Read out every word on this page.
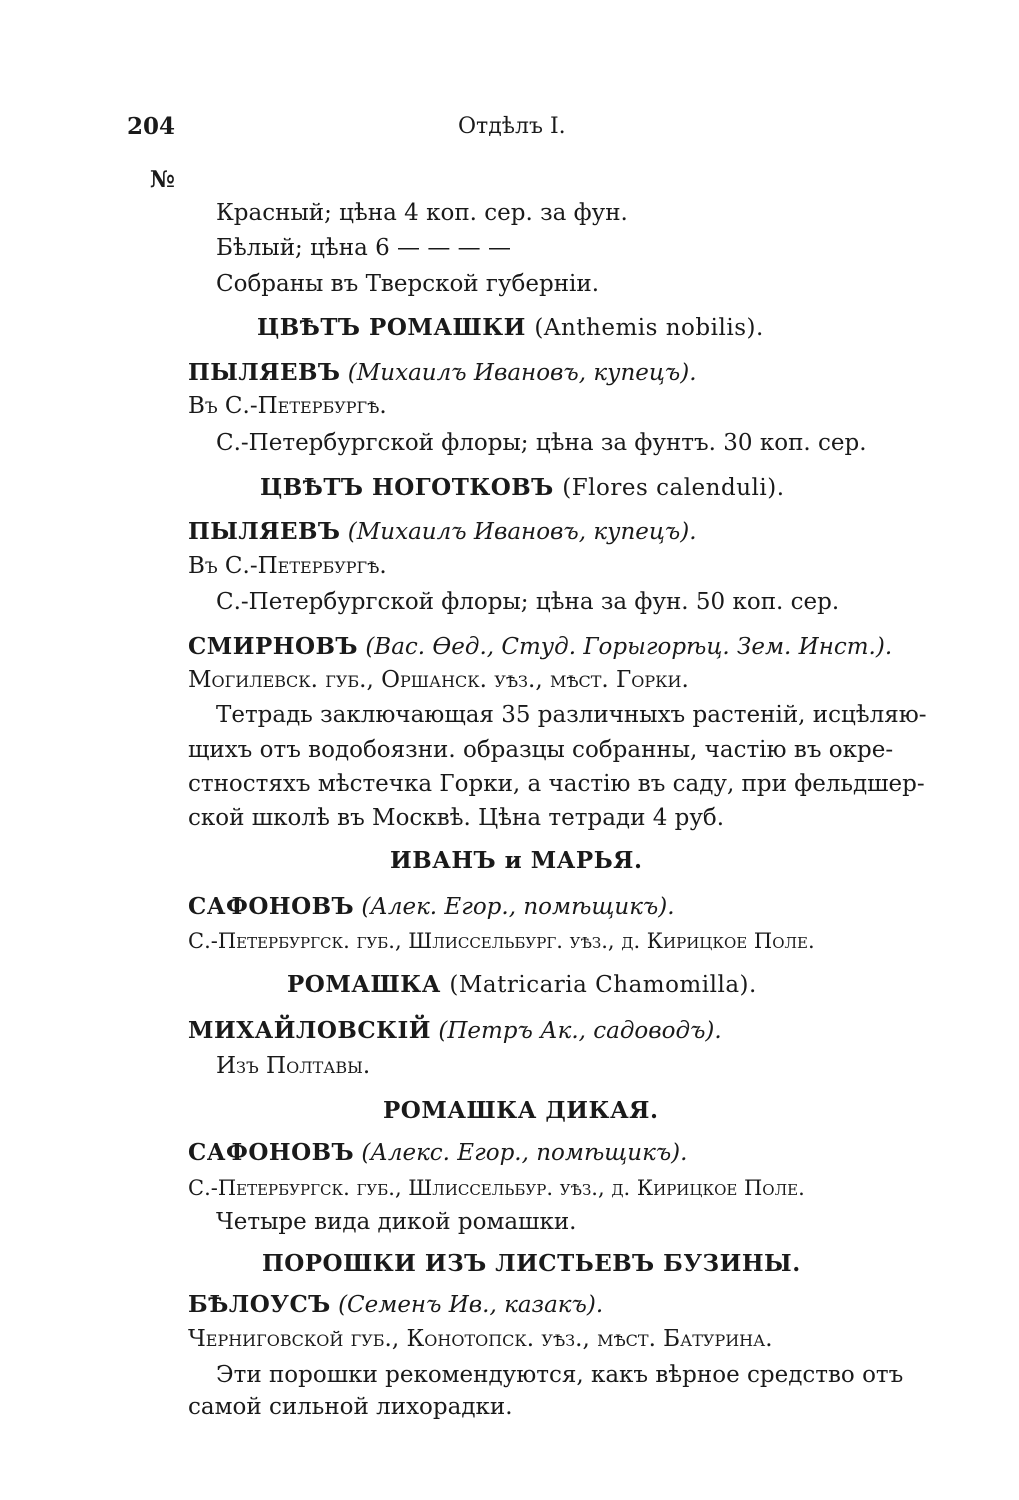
204	Отдѣлъ I.
№
Красный; цѣна 4 коп. сер. за фун.
Бѣлый; цѣна 6 — — — —
Собраны въ Тверской губерніи.
ЦВѢТЪ РОМАШКИ (Anthemis nobilis).
ПЫЛЯЕВЪ (Михаилъ Ивановъ, купецъ).
Въ С.-Петербургѣ.
С.-Петербургской флоры; цѣна за фунтъ. 30 коп. сер.
ЦВѢТЪ НОГОТКОВЪ (Flores calenduli).
ПЫЛЯЕВЪ (Михаилъ Ивановъ, купецъ).
Въ С.-Петербургѣ.
С.-Петербургской флоры; цѣна за фун. 50 коп. сер.
СМИРНОВЪ (Вас. Өед., Студ. Горыгорѣц. Зем. Инст.).
Могилевск. губ., Оршанск. уѣз., мѣст. Горки.
Тетрадь заключающая 35 различныхъ растеній, исцѣляю-
щихъ отъ водобоязни. образцы собранны, частію въ окре-
стностяхъ мѣстечка Горки, а частію въ саду, при фельдшер-
ской школѣ въ Москвѣ. Цѣна тетради 4 руб.
ИВАНЪ и МАРЬЯ.
САФОНОВЪ (Алек. Егор., помѣщикъ).
С.-Петербургск. губ., Шлиссельбург. уѣз., д. Кирицкое Поле.
РОМАШКА (Matricaria Chamomilla).
МИХАЙЛОВСКІЙ (Петръ Ак., садоводъ).
Изъ Полтавы.
РОМАШКА ДИКАЯ.
САФОНОВЪ (Алекс. Егор., помѣщикъ).
С.-Петербургск. губ., Шлиссельбур. уѣз., д. Кирицкое Поле.
Четыре вида дикой ромашки.
ПОРОШКИ ИЗЪ ЛИСТЬЕВЪ БУЗИНЫ.
БѢЛОУСЪ (Семенъ Ив., казакъ).
Черниговской губ., Конотопск. уѣз., мѣст. Батурина.
Эти порошки рекомендуются, какъ вѣрное средство отъ
самой сильной лихорадки.
